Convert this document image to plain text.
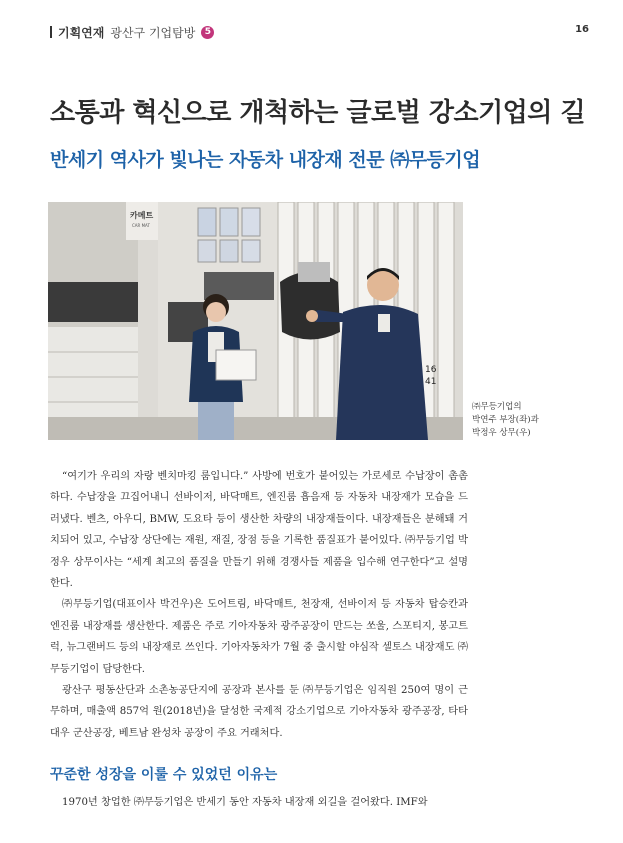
기획연재 광산구 기업탐방	5	16
소통과 혁신으로 개척하는 글로벌 강소기업의 길
반세기 역사가 빛나는 자동차 내장재 전문 ㈜무등기업
카메트
CAR MAT
16
41
㈜무등기업의
박연주 부장(좌)과
박정우 상무(우)

“여기가 우리의 자랑 벤치마킹 룸입니다.” 사방에 번호가 붙어있는 가로세로 수납장이 촘촘하다. 수납장을 끄집어내니 선바이저, 바닥매트, 엔진룸 흡음재 등 자동차 내장재가 모습을 드러냈다. 벤츠, 아우디, BMW, 도요타 등이 생산한 차량의 내장재들이다. 내장재들은 분해돼 거치되어 있고, 수납장 상단에는 재원, 재질, 장점 등을 기록한 품질표가 붙어있다. ㈜무등기업 박정우 상무이사는 “세계 최고의 품질을 만들기 위해 경쟁사들 제품을 입수해 연구한다”고 설명한다.

㈜무등기업(대표이사 박건우)은 도어트림, 바닥매트, 천장재, 선바이저 등 자동차 탑승칸과 엔진룸 내장재를 생산한다. 제품은 주로 기아자동차 광주공장이 만드는 쏘울, 스포티지, 봉고트럭, 뉴그랜버드 등의 내장재로 쓰인다. 기아자동차가 7월 중 출시할 야심작 셀토스 내장재도 ㈜무등기업이 담당한다.

광산구 평동산단과 소촌농공단지에 공장과 본사를 둔 ㈜무등기업은 임직원 250여 명이 근무하며, 매출액 857억 원(2018년)을 달성한 국제적 강소기업으로 기아자동차 광주공장, 타타대우 군산공장, 베트남 완성차 공장이 주요 거래처다.

꾸준한 성장을 이룰 수 있었던 이유는

1970년 창업한 ㈜무등기업은 반세기 동안 자동차 내장재 외길을 걸어왔다. IMF와
